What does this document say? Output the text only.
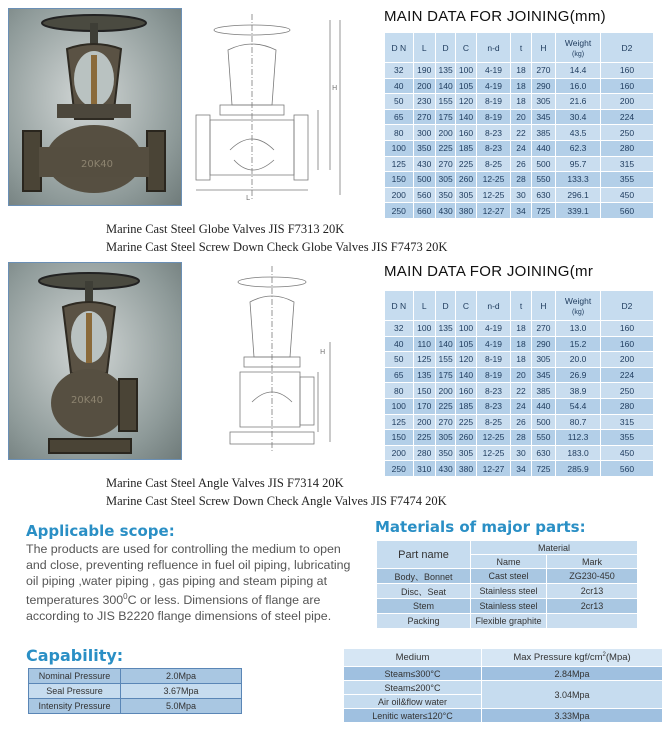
20K40
H
L
MAIN DATA FOR JOINING(mm)
D N	L	D	C	n-d	t	H	Weight
(kg)	D2
32	190	135	100	4-19	18	270	14.4	160
40	200	140	105	4-19	18	290	16.0	160
50	230	155	120	8-19	18	305	21.6	200
65	270	175	140	8-19	20	345	30.4	224
80	300	200	160	8-23	22	385	43.5	250
100	350	225	185	8-23	24	440	62.3	280
125	430	270	225	8-25	26	500	95.7	315
150	500	305	260	12-25	28	550	133.3	355
200	560	350	305	12-25	30	630	296.1	450
250	660	430	380	12-27	34	725	339.1	560
Marine Cast Steel Globe Valves JIS F7313 20K
Marine Cast Steel Screw Down Check Globe Valves JIS F7473 20K
20K40
H
MAIN DATA FOR JOINING(mr
D N	L	D	C	n-d	t	H	Weight
(kg)	D2
32	100	135	100	4-19	18	270	13.0	160
40	110	140	105	4-19	18	290	15.2	160
50	125	155	120	8-19	18	305	20.0	200
65	135	175	140	8-19	20	345	26.9	224
80	150	200	160	8-23	22	385	38.9	250
100	170	225	185	8-23	24	440	54.4	280
125	200	270	225	8-25	26	500	80.7	315
150	225	305	260	12-25	28	550	112.3	355
200	280	350	305	12-25	30	630	183.0	450
250	310	430	380	12-27	34	725	285.9	560
Marine Cast Steel Angle Valves JIS F7314 20K
Marine Cast Steel Screw Down Check Angle Valves JIS F7474 20K
Applicable scope:
The products are used for controlling the medium to open
and close, preventing refluence in fuel oil piping, lubricating
oil piping ,water piping , gas piping and steam piping at
temperatures $300^0C$ or less. Dimensions of flange are
according to JIS B2220 flange dimensions of steel pipe.
Materials of major parts:
Part name	Material	
	Name	Mark
Body、Bonnet	Cast steel	ZG230-450
Disc、Seat	Stainless steel	2cr13
Stem	Stainless steel	2cr13
Packing	Flexible graphite	
Capability:
Nominal Pressure	2.0Mpa
Seal Pressure	3.67Mpa
Intensity Pressure	5.0Mpa
Medium	Max Pressure kgf/$cm^2(Mpa)$
Steam≤300°C	2.84Mpa
Steam≤200°C	3.04Mpa
Air oil&flow water	
Lenitic water≤120°C	3.33Mpa
